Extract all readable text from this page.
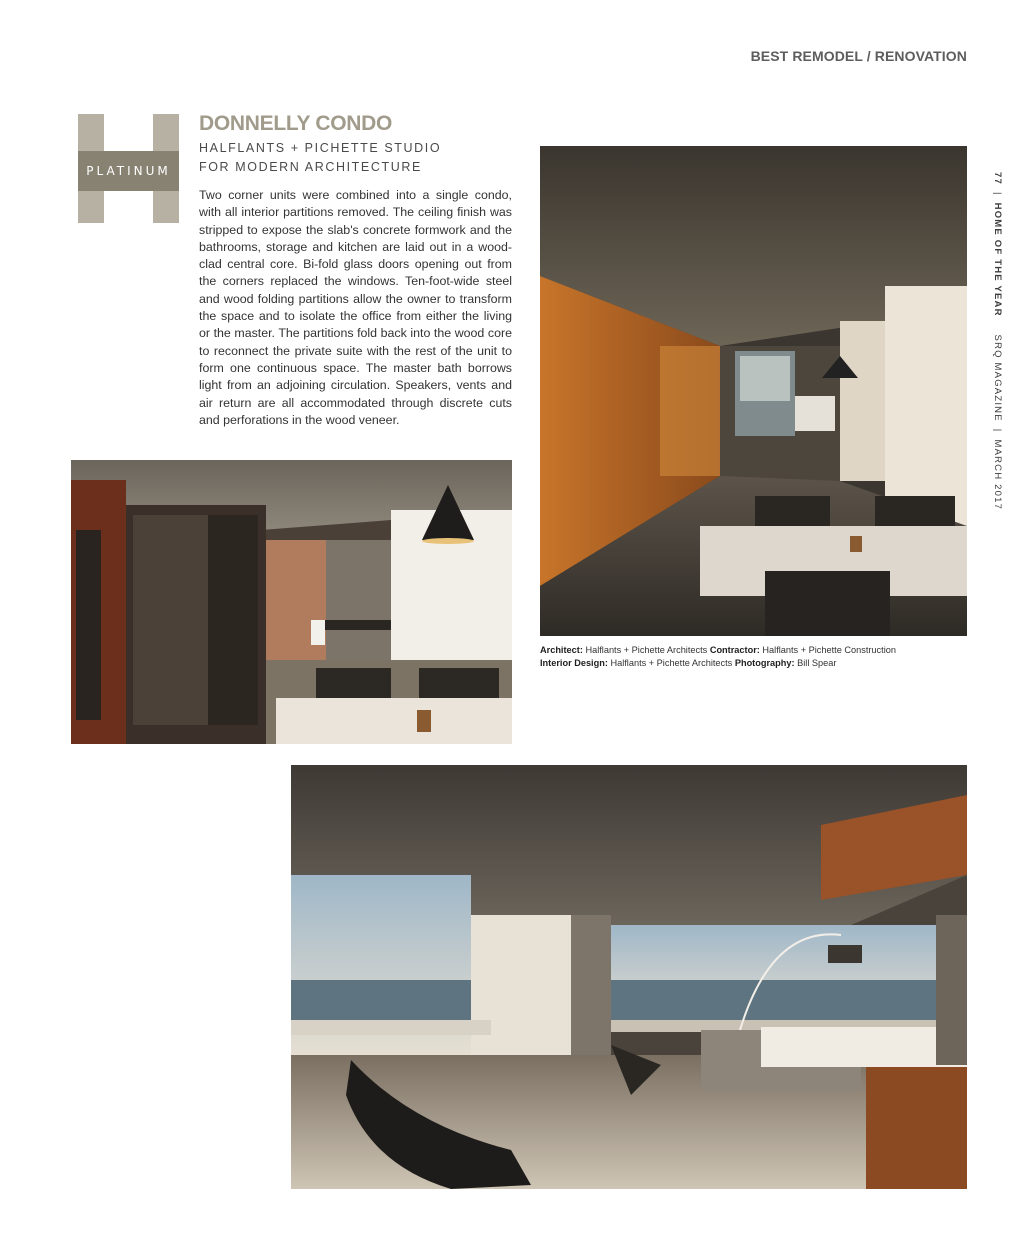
BEST REMODEL / RENOVATION
PLATINUM
DONNELLY CONDO
HALFLANTS + PICHETTE STUDIO
FOR MODERN ARCHITECTURE
Two corner units were combined into a single condo, with all interior partitions removed. The ceiling finish was stripped to expose the slab's concrete formwork and the bathrooms, storage and kitchen are laid out in a wood-clad central core. Bi-fold glass doors opening out from the corners replaced the windows. Ten-foot-wide steel and wood folding partitions allow the owner to transform the space and to isolate the office from either the living or the master. The partitions fold back into the wood core to reconnect the private suite with the rest of the unit to form one continuous space. The master bath borrows light from an adjoining circulation. Speakers, vents and air return are all accommodated through discrete cuts and perforations in the wood veneer.
Architect: Halflants + Pichette Architects Contractor: Halflants + Pichette Construction
Interior Design: Halflants + Pichette Architects Photography: Bill Spear
77|HOME OF THE YEAR SRQ MAGAZINE|MARCH 2017
